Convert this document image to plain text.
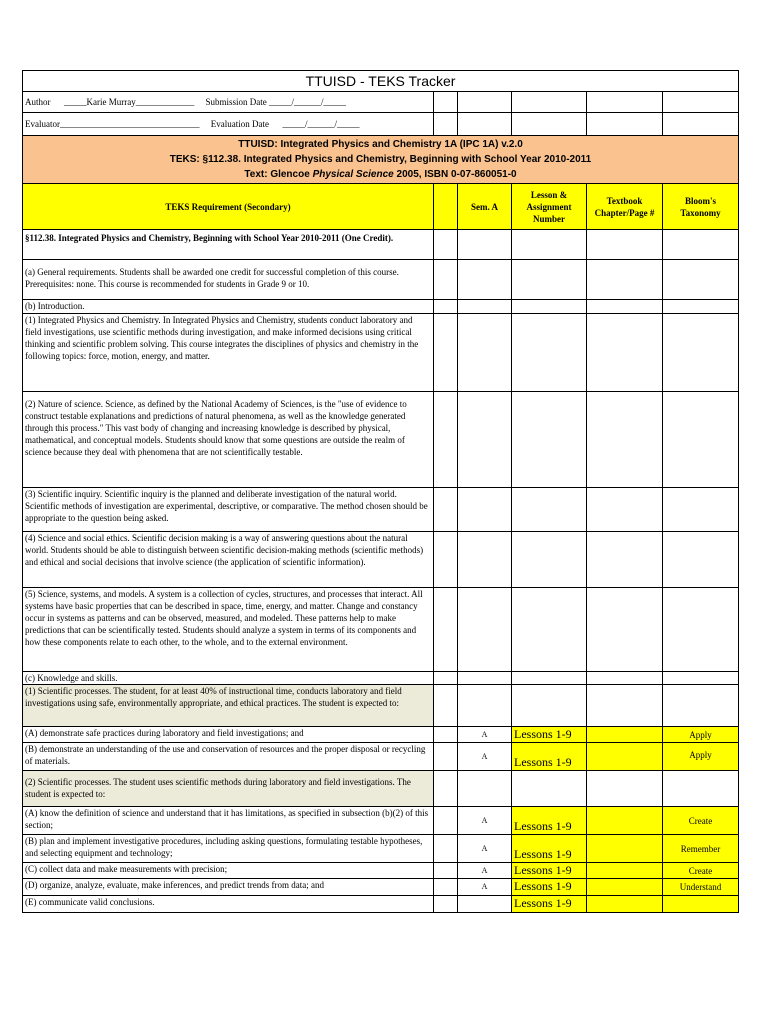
TTUISD - TEKS Tracker					
Author      _____Karie Murray_____________ Submission Date _____/______/_____					
Evaluator_______________________________ Evaluation Date      _____/______/_____					

TTUISD: Integrated Physics and Chemistry 1A (IPC 1A) v.2.0
TEKS: §112.38. Integrated Physics and Chemistry, Beginning with School Year 2010-2011
Text: Glencoe Physical Science 2005, ISBN 0-07-860051-0					

TEKS Requirement (Secondary)		Sem. A	Lesson & Assignment Number	Textbook Chapter/Page #	Bloom's Taxonomy
§112.38. Integrated Physics and Chemistry, Beginning with School Year 2010-2011 (One Credit).					
(a) General requirements. Students shall be awarded one credit for successful completion of this course. Prerequisites: none. This course is recommended for students in Grade 9 or 10.					
(b) Introduction.					
(1) Integrated Physics and Chemistry. In Integrated Physics and Chemistry, students conduct laboratory and field investigations, use scientific methods during investigation, and make informed decisions using critical thinking and scientific problem solving. This course integrates the disciplines of physics and chemistry in the following topics: force, motion, energy, and matter.					
(2) Nature of science. Science, as defined by the National Academy of Sciences, is the "use of evidence to construct testable explanations and predictions of natural phenomena, as well as the knowledge generated through this process." This vast body of changing and increasing knowledge is described by physical, mathematical, and conceptual models. Students should know that some questions are outside the realm of science because they deal with phenomena that are not scientifically testable.					
(3) Scientific inquiry. Scientific inquiry is the planned and deliberate investigation of the natural world. Scientific methods of investigation are experimental, descriptive, or comparative. The method chosen should be appropriate to the question being asked.					
(4) Science and social ethics. Scientific decision making is a way of answering questions about the natural world. Students should be able to distinguish between scientific decision-making methods (scientific methods) and ethical and social decisions that involve science (the application of scientific information).					
(5) Science, systems, and models. A system is a collection of cycles, structures, and processes that interact. All systems have basic properties that can be described in space, time, energy, and matter. Change and constancy occur in systems as patterns and can be observed, measured, and modeled. These patterns help to make predictions that can be scientifically tested. Students should analyze a system in terms of its components and how these components relate to each other, to the whole, and to the external environment.					
(c) Knowledge and skills.					
(1) Scientific processes. The student, for at least 40% of instructional time, conducts laboratory and field investigations using safe, environmentally appropriate, and ethical practices. The student is expected to:					
(A) demonstrate safe practices during laboratory and field investigations; and		A	Lessons 1-9		Apply
(B) demonstrate an understanding of the use and conservation of resources and the proper disposal or recycling of materials.		A	Lessons 1-9		Apply
(2) Scientific processes. The student uses scientific methods during laboratory and field investigations. The student is expected to:					
(A) know the definition of science and understand that it has limitations, as specified in subsection (b)(2) of this section;		A	Lessons 1-9		Create
(B) plan and implement investigative procedures, including asking questions, formulating testable hypotheses, and selecting equipment and technology;		A	Lessons 1-9		Remember
(C) collect data and make measurements with precision;		A	Lessons 1-9		Create
(D) organize, analyze, evaluate, make inferences, and predict trends from data; and		A	Lessons 1-9		Understand
(E) communicate valid conclusions.			Lessons 1-9		
